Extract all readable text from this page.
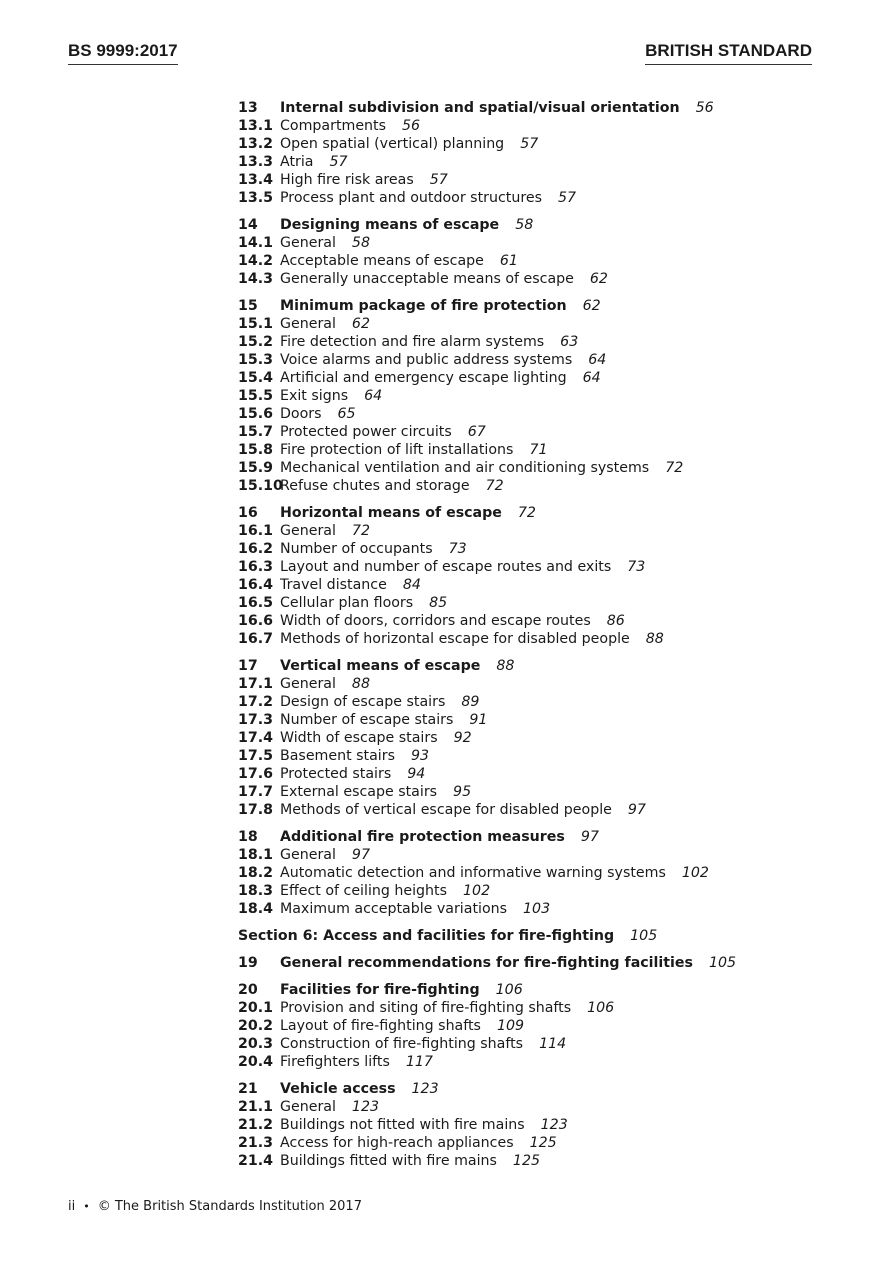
BS 9999:2017	BRITISH STANDARD
13 Internal subdivision and spatial/visual orientation 56
13.1 Compartments 56
13.2 Open spatial (vertical) planning 57
13.3 Atria 57
13.4 High fire risk areas 57
13.5 Process plant and outdoor structures 57
14 Designing means of escape 58
14.1 General 58
14.2 Acceptable means of escape 61
14.3 Generally unacceptable means of escape 62
15 Minimum package of fire protection 62
15.1 General 62
15.2 Fire detection and fire alarm systems 63
15.3 Voice alarms and public address systems 64
15.4 Artificial and emergency escape lighting 64
15.5 Exit signs 64
15.6 Doors 65
15.7 Protected power circuits 67
15.8 Fire protection of lift installations 71
15.9 Mechanical ventilation and air conditioning systems 72
15.10Refuse chutes and storage 72
16 Horizontal means of escape 72
16.1 General 72
16.2 Number of occupants 73
16.3 Layout and number of escape routes and exits 73
16.4 Travel distance 84
16.5 Cellular plan floors 85
16.6 Width of doors, corridors and escape routes 86
16.7 Methods of horizontal escape for disabled people 88
17 Vertical means of escape 88
17.1 General 88
17.2 Design of escape stairs 89
17.3 Number of escape stairs 91
17.4 Width of escape stairs 92
17.5 Basement stairs 93
17.6 Protected stairs 94
17.7 External escape stairs 95
17.8 Methods of vertical escape for disabled people 97
18 Additional fire protection measures 97
18.1 General 97
18.2 Automatic detection and informative warning systems 102
18.3 Effect of ceiling heights 102
18.4 Maximum acceptable variations 103
Section 6: Access and facilities for fire-fighting 105
19 General recommendations for fire-fighting facilities 105
20 Facilities for fire-fighting 106
20.1 Provision and siting of fire-fighting shafts 106
20.2 Layout of fire-fighting shafts 109
20.3 Construction of fire-fighting shafts 114
20.4 Firefighters lifts 117
21 Vehicle access 123
21.1 General 123
21.2 Buildings not fitted with fire mains 123
21.3 Access for high-reach appliances 125
21.4 Buildings fitted with fire mains 125
ii • © The British Standards Institution 2017
